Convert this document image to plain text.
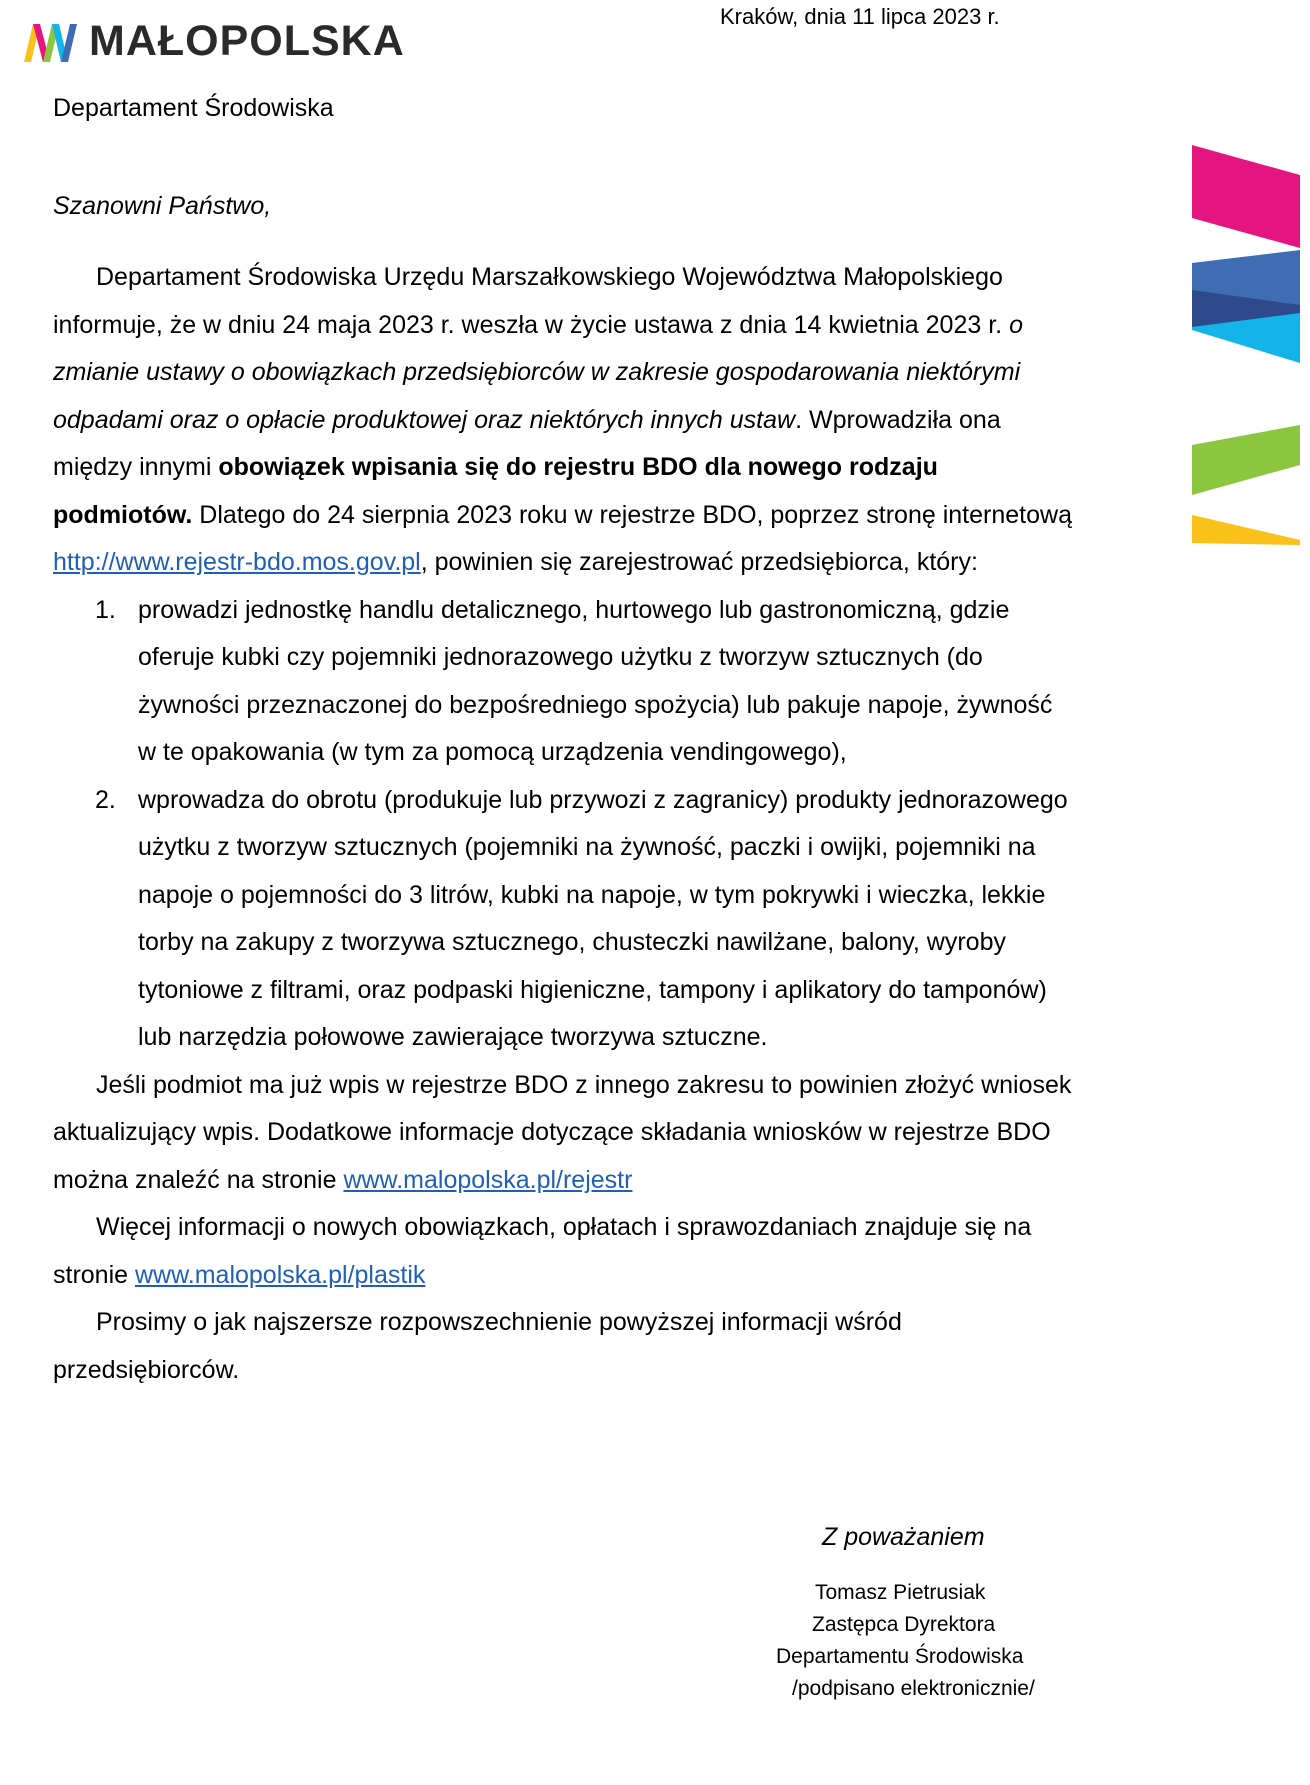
MAŁOPOLSKA
Departament Środowiska
Kraków, dnia 11 lipca 2023 r.
Szanowni Państwo,

Departament Środowiska Urzędu Marszałkowskiego Województwa Małopolskiego informuje, że w dniu 24 maja 2023 r. weszła w życie ustawa z dnia 14 kwietnia 2023 r. o zmianie ustawy o obowiązkach przedsiębiorców w zakresie gospodarowania niektórymi odpadami oraz o opłacie produktowej oraz niektórych innych ustaw. Wprowadziła ona między innymi obowiązek wpisania się do rejestru BDO dla nowego rodzaju podmiotów. Dlatego do 24 sierpnia 2023 roku w rejestrze BDO, poprzez stronę internetową http://www.rejestr-bdo.mos.gov.pl, powinien się zarejestrować przedsiębiorca, który:

1. prowadzi jednostkę handlu detalicznego, hurtowego lub gastronomiczną, gdzie oferuje kubki czy pojemniki jednorazowego użytku z tworzyw sztucznych (do żywności przeznaczonej do bezpośredniego spożycia) lub pakuje napoje, żywność w te opakowania (w tym za pomocą urządzenia vendingowego),
2. wprowadza do obrotu (produkuje lub przywozi z zagranicy) produkty jednorazowego użytku z tworzyw sztucznych (pojemniki na żywność, paczki i owijki, pojemniki na napoje o pojemności do 3 litrów, kubki na napoje, w tym pokrywki i wieczka, lekkie torby na zakupy z tworzywa sztucznego, chusteczki nawilżane, balony, wyroby tytoniowe z filtrami, oraz podpaski higieniczne, tampony i aplikatory do tamponów) lub narzędzia połowowe zawierające tworzywa sztuczne.

Jeśli podmiot ma już wpis w rejestrze BDO z innego zakresu to powinien złożyć wniosek aktualizujący wpis. Dodatkowe informacje dotyczące składania wniosków w rejestrze BDO można znaleźć na stronie www.malopolska.pl/rejestr

Więcej informacji o nowych obowiązkach, opłatach i sprawozdaniach znajduje się na stronie www.malopolska.pl/plastik

Prosimy o jak najszersze rozpowszechnienie powyższej informacji wśród przedsiębiorców.

Z poważaniem
Tomasz Pietrusiak
Zastępca Dyrektora
Departamentu Środowiska
/podpisano elektronicznie/
